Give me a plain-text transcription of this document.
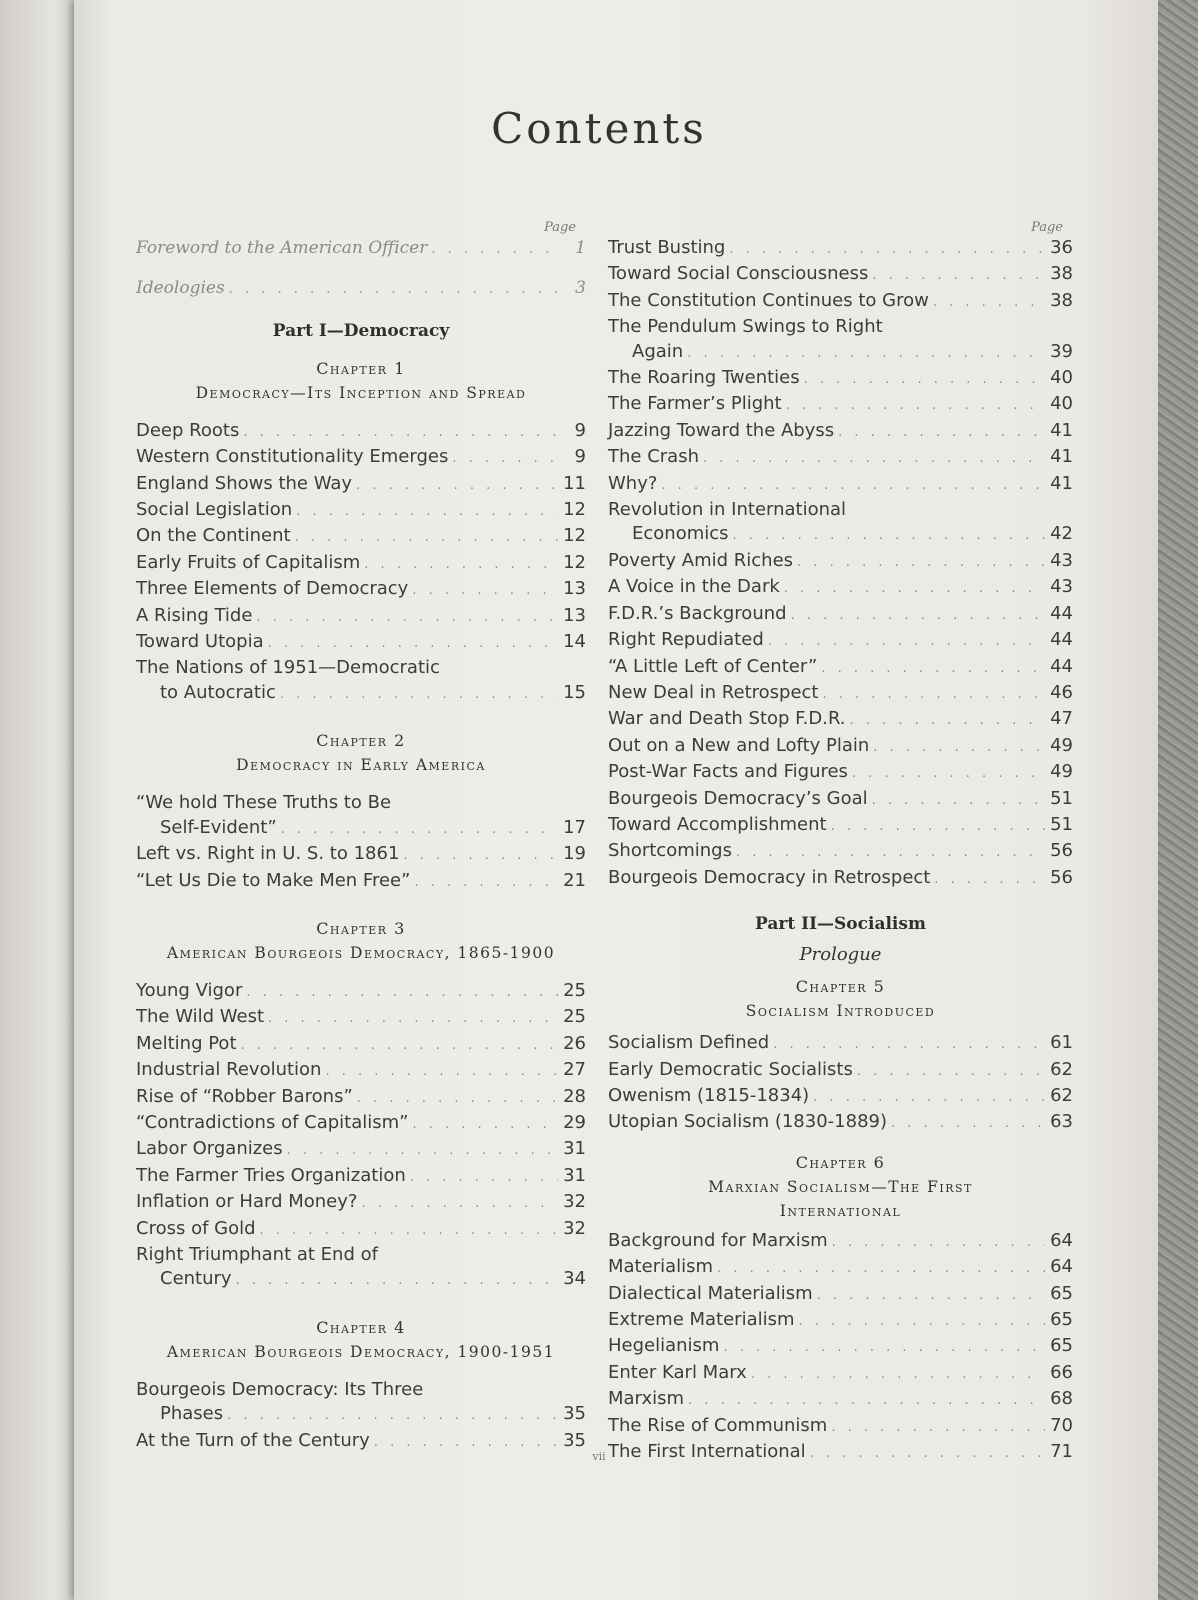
Contents
Page
Foreword to the American Officer . . .	1
Ideologies . . .	3
Part I—Democracy
Chapter 1
Democracy—Its Inception and Spread
Deep Roots . . .	9
Western Constitutionality Emerges . . .	9
England Shows the Way . . .	11
Social Legislation . . .	12
On the Continent . . .	12
Early Fruits of Capitalism . . .	12
Three Elements of Democracy . . .	13
A Rising Tide . . .	13
Toward Utopia . . .	14
The Nations of 1951—Democratic
to Autocratic . . .	15
Chapter 2
Democracy in Early America
“We hold These Truths to Be
Self-Evident” . . .	17
Left vs. Right in U. S. to 1861 . . .	19
“Let Us Die to Make Men Free” . . .	21
Chapter 3
American Bourgeois Democracy, 1865-1900
Young Vigor . . .	25
The Wild West . . .	25
Melting Pot . . .	26
Industrial Revolution . . .	27
Rise of “Robber Barons” . . .	28
“Contradictions of Capitalism” . . .	29
Labor Organizes . . .	31
The Farmer Tries Organization . . .	31
Inflation or Hard Money? . . .	32
Cross of Gold . . .	32
Right Triumphant at End of
Century . . .	34
Chapter 4
American Bourgeois Democracy, 1900-1951
Bourgeois Democracy: Its Three
Phases . . .	35
At the Turn of the Century . . .	35
Page
Trust Busting . . .	36
Toward Social Consciousness . . .	38
The Constitution Continues to Grow . . .	38
The Pendulum Swings to Right
Again . . .	39
The Roaring Twenties . . .	40
The Farmer’s Plight . . .	40
Jazzing Toward the Abyss . . .	41
The Crash . . .	41
Why? . . .	41
Revolution in International
Economics . . .	42
Poverty Amid Riches . . .	43
A Voice in the Dark . . .	43
F.D.R.’s Background . . .	44
Right Repudiated . . .	44
“A Little Left of Center” . . .	44
New Deal in Retrospect . . .	46
War and Death Stop F.D.R. . . .	47
Out on a New and Lofty Plain . . .	49
Post-War Facts and Figures . . .	49
Bourgeois Democracy’s Goal . . .	51
Toward Accomplishment . . .	51
Shortcomings . . .	56
Bourgeois Democracy in Retrospect . . .	56
Part II—Socialism
Prologue
Chapter 5
Socialism Introduced
Socialism Defined . . .	61
Early Democratic Socialists . . .	62
Owenism (1815-1834) . . .	62
Utopian Socialism (1830-1889) . . .	63
Chapter 6
Marxian Socialism—The First
International
Background for Marxism . . .	64
Materialism . . .	64
Dialectical Materialism . . .	65
Extreme Materialism . . .	65
Hegelianism . . .	65
Enter Karl Marx . . .	66
Marxism . . .	68
The Rise of Communism . . .	70
The First International . . .	71
vii
